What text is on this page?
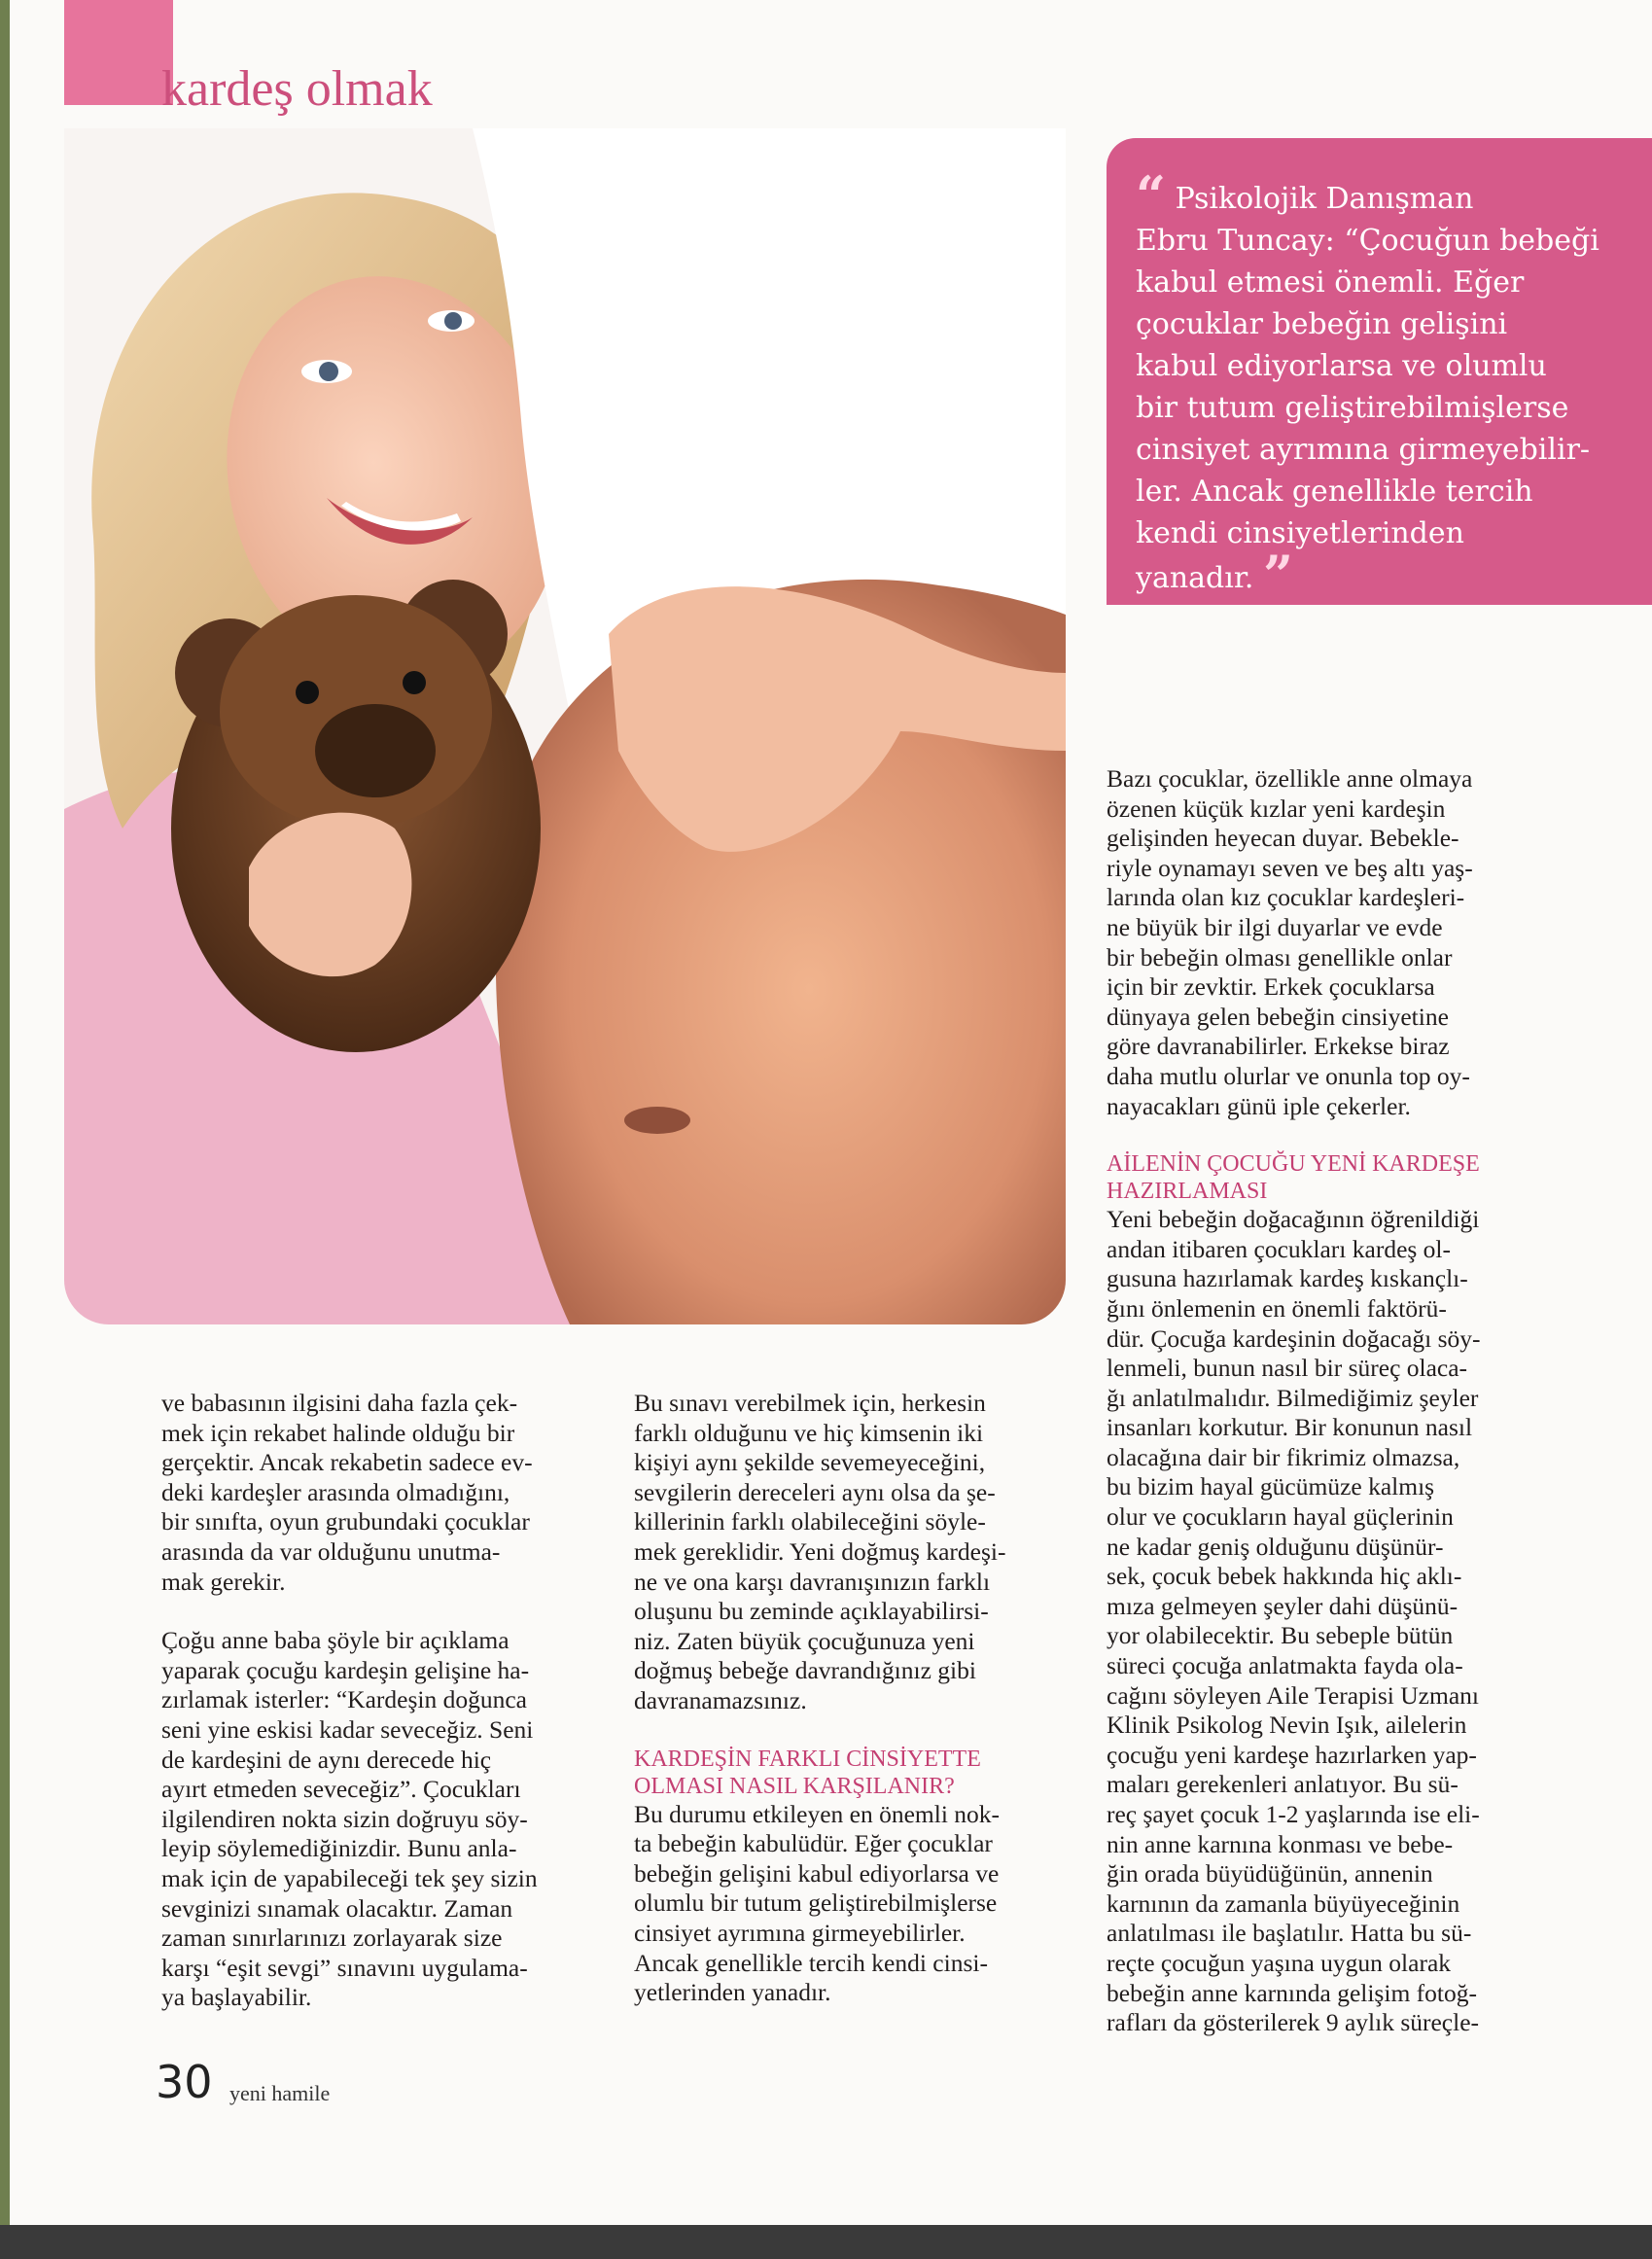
kardeş olmak
“ Psikolojik Danışman
Ebru Tuncay: “Çocuğun bebeği
kabul etmesi önemli. Eğer
çocuklar bebeğin gelişini
kabul ediyorlarsa ve olumlu
bir tutum geliştirebilmişlerse
cinsiyet ayrımına girmeyebilir-
ler. Ancak genellikle tercih
kendi cinsiyetlerinden
yanadır. ”
ve babasının ilgisini daha fazla çek-
mek için rekabet halinde olduğu bir
gerçektir. Ancak rekabetin sadece ev-
deki kardeşler arasında olmadığını,
bir sınıfta, oyun grubundaki çocuklar
arasında da var olduğunu unutma-
mak gerekir.
Çoğu anne baba şöyle bir açıklama
yaparak çocuğu kardeşin gelişine ha-
zırlamak isterler: “Kardeşin doğunca
seni yine eskisi kadar seveceğiz. Seni
de kardeşini de aynı derecede hiç
ayırt etmeden seveceğiz”. Çocukları
ilgilendiren nokta sizin doğruyu söy-
leyip söylemediğinizdir. Bunu anla-
mak için de yapabileceği tek şey sizin
sevginizi sınamak olacaktır. Zaman
zaman sınırlarınızı zorlayarak size
karşı “eşit sevgi” sınavını uygulama-
ya başlayabilir.
Bu sınavı verebilmek için, herkesin
farklı olduğunu ve hiç kimsenin iki
kişiyi aynı şekilde sevemeyeceğini,
sevgilerin dereceleri aynı olsa da şe-
killerinin farklı olabileceğini söyle-
mek gereklidir. Yeni doğmuş kardeşi-
ne ve ona karşı davranışınızın farklı
oluşunu bu zeminde açıklayabilirsi-
niz. Zaten büyük çocuğunuza yeni
doğmuş bebeğe davrandığınız gibi
davranamazsınız.
KARDEŞİN FARKLI CİNSİYETTE
OLMASI NASIL KARŞILANIR?
Bu durumu etkileyen en önemli nok-
ta bebeğin kabulüdür. Eğer çocuklar
bebeğin gelişini kabul ediyorlarsa ve
olumlu bir tutum geliştirebilmişlerse
cinsiyet ayrımına girmeyebilirler.
Ancak genellikle tercih kendi cinsi-
yetlerinden yanadır.
Bazı çocuklar, özellikle anne olmaya
özenen küçük kızlar yeni kardeşin
gelişinden heyecan duyar. Bebekle-
riyle oynamayı seven ve beş altı yaş-
larında olan kız çocuklar kardeşleri-
ne büyük bir ilgi duyarlar ve evde
bir bebeğin olması genellikle onlar
için bir zevktir. Erkek çocuklarsa
dünyaya gelen bebeğin cinsiyetine
göre davranabilirler. Erkekse biraz
daha mutlu olurlar ve onunla top oy-
nayacakları günü iple çekerler.
AİLENİN ÇOCUĞU YENİ KARDEŞE
HAZIRLAMASI
Yeni bebeğin doğacağının öğrenildiği
andan itibaren çocukları kardeş ol-
gusuna hazırlamak kardeş kıskançlı-
ğını önlemenin en önemli faktörü-
dür. Çocuğa kardeşinin doğacağı söy-
lenmeli, bunun nasıl bir süreç olaca-
ğı anlatılmalıdır. Bilmediğimiz şeyler
insanları korkutur. Bir konunun nasıl
olacağına dair bir fikrimiz olmazsa,
bu bizim hayal gücümüze kalmış
olur ve çocukların hayal güçlerinin
ne kadar geniş olduğunu düşünür-
sek, çocuk bebek hakkında hiç aklı-
mıza gelmeyen şeyler dahi düşünü-
yor olabilecektir. Bu sebeple bütün
süreci çocuğa anlatmakta fayda ola-
cağını söyleyen Aile Terapisi Uzmanı
Klinik Psikolog Nevin Işık, ailelerin
çocuğu yeni kardeşe hazırlarken yap-
maları gerekenleri anlatıyor. Bu sü-
reç şayet çocuk 1-2 yaşlarında ise eli-
nin anne karnına konması ve bebe-
ğin orada büyüdüğünün, annenin
karnının da zamanla büyüyeceğinin
anlatılması ile başlatılır. Hatta bu sü-
reçte çocuğun yaşına uygun olarak
bebeğin anne karnında gelişim fotoğ-
rafları da gösterilerek 9 aylık süreçle-
30 yeni hamile
